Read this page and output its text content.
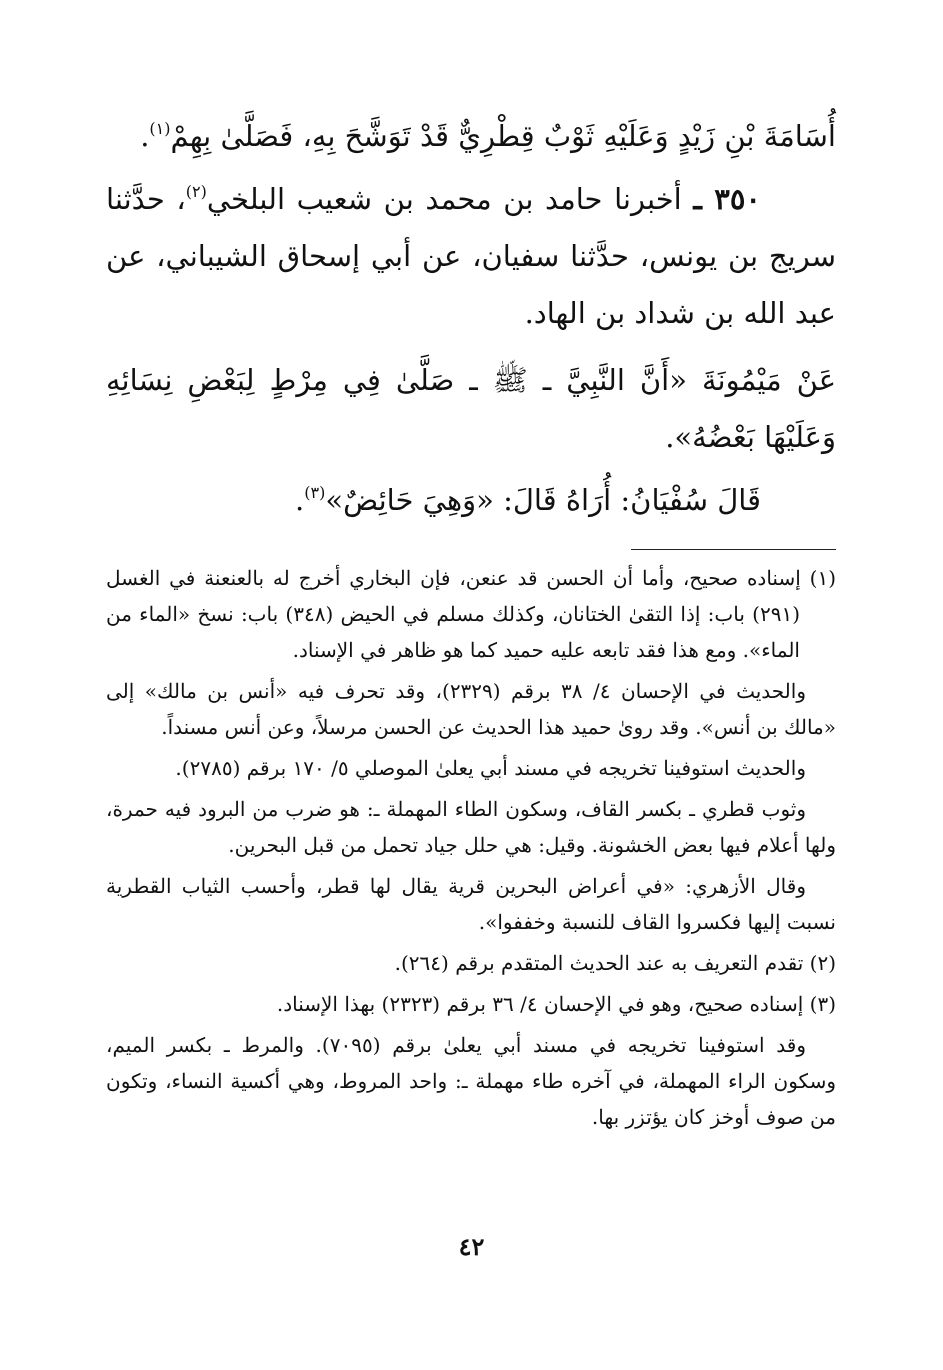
أُسَامَةَ بْنِ زَيْدٍ وَعَلَيْهِ ثَوْبٌ قِطْرِيٌّ قَدْ تَوَشَّحَ بِهِ، فَصَلَّىٰ بِهِمْ$^{(١)}$.

٣٥٠ ـ أخبرنا حامد بن محمد بن شعيب البلخي$^{(٢)}$، حدَّثنا سريج بن يونس، حدَّثنا سفيان، عن أبي إسحاق الشيباني، عن عبد الله بن شداد بن الهاد.

عَنْ مَيْمُونَةَ «أَنَّ النَّبِيَّ ـ ﷺ ـ صَلَّىٰ فِي مِرْطٍ لِبَعْضِ نِسَائِهِ وَعَلَيْهَا بَعْضُهُ».

قَالَ سُفْيَانُ: أُرَاهُ قَالَ: «وَهِيَ حَائِضٌ»$^{(٣)}$.

(١) إسناده صحيح، وأما أن الحسن قد عنعن، فإن البخاري أخرج له بالعنعنة في الغسل (٢٩١) باب: إذا التقىٰ الختانان، وكذلك مسلم في الحيض (٣٤٨) باب: نسخ «الماء من الماء». ومع هذا فقد تابعه عليه حميد كما هو ظاهر في الإسناد.

والحديث في الإحسان ٤/ ٣٨ برقم (٢٣٢٩)، وقد تحرف فيه «أنس بن مالك» إلى «مالك بن أنس». وقد روىٰ حميد هذا الحديث عن الحسن مرسلاً، وعن أنس مسنداً.

والحديث استوفينا تخريجه في مسند أبي يعلىٰ الموصلي ٥/ ١٧٠ برقم (٢٧٨٥).

وثوب قطري ـ بكسر القاف، وسكون الطاء المهملة ـ: هو ضرب من البرود فيه حمرة، ولها أعلام فيها بعض الخشونة. وقيل: هي حلل جياد تحمل من قبل البحرين.

وقال الأزهري: «في أعراض البحرين قرية يقال لها قطر، وأحسب الثياب القطرية نسبت إليها فكسروا القاف للنسبة وخففوا».

(٢) تقدم التعريف به عند الحديث المتقدم برقم (٢٦٤).

(٣) إسناده صحيح، وهو في الإحسان ٤/ ٣٦ برقم (٢٣٢٣) بهذا الإسناد.

وقد استوفينا تخريجه في مسند أبي يعلىٰ برقم (٧٠٩٥). والمرط ـ بكسر الميم، وسكون الراء المهملة، في آخره طاء مهملة ـ: واحد المروط، وهي أكسية النساء، وتكون من صوف أوخز كان يؤتزر بها.

٤٢
